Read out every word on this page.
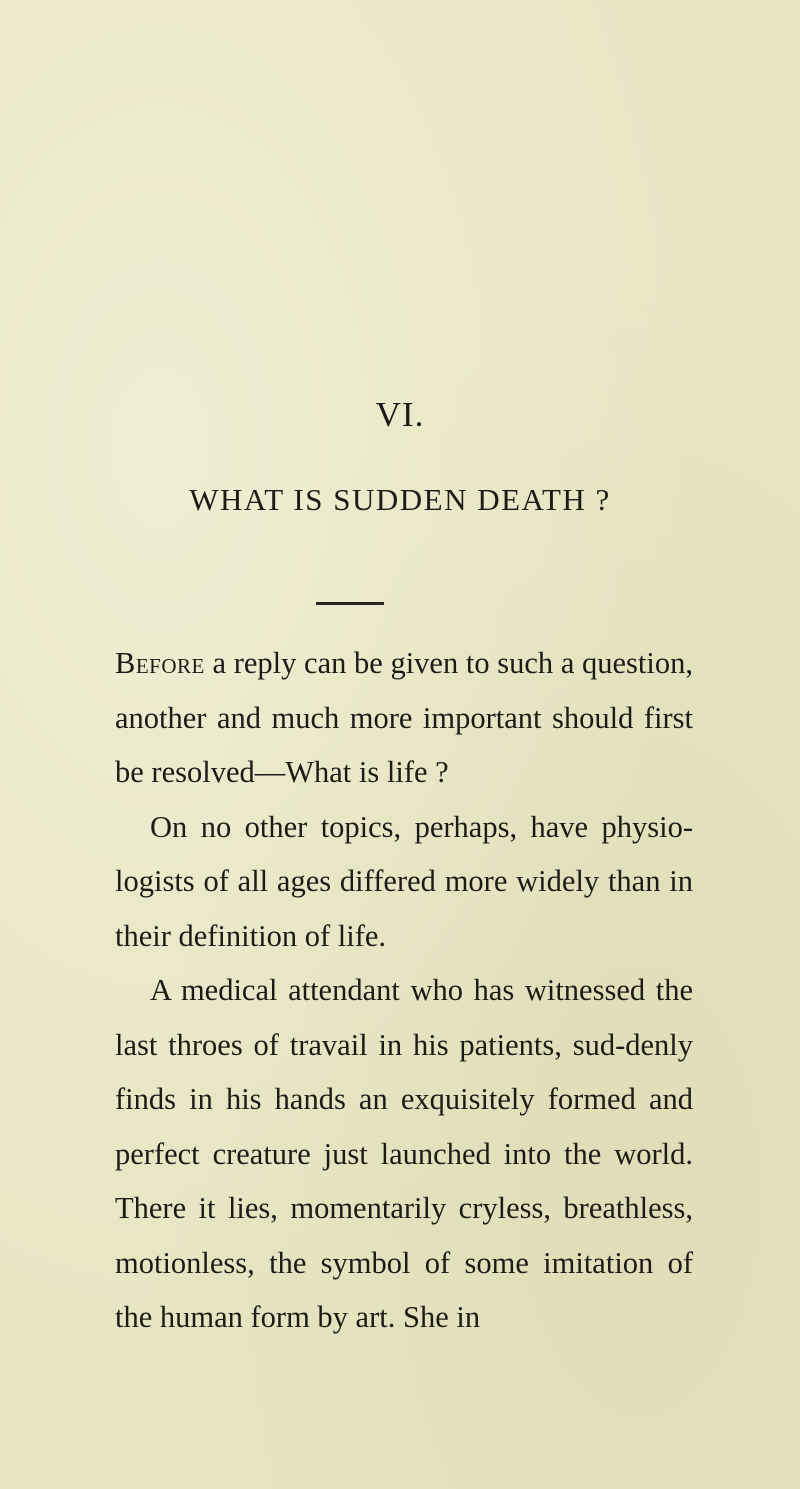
VI.
WHAT IS SUDDEN DEATH ?

Before a reply can be given to such a question, another and much more important should first be resolved—What is life ?

On no other topics, perhaps, have physio-logists of all ages differed more widely than in their definition of life.

A medical attendant who has witnessed the last throes of travail in his patients, sud-denly finds in his hands an exquisitely formed and perfect creature just launched into the world. There it lies, momentarily cryless, breathless, motionless, the symbol of some imitation of the human form by art. She in
